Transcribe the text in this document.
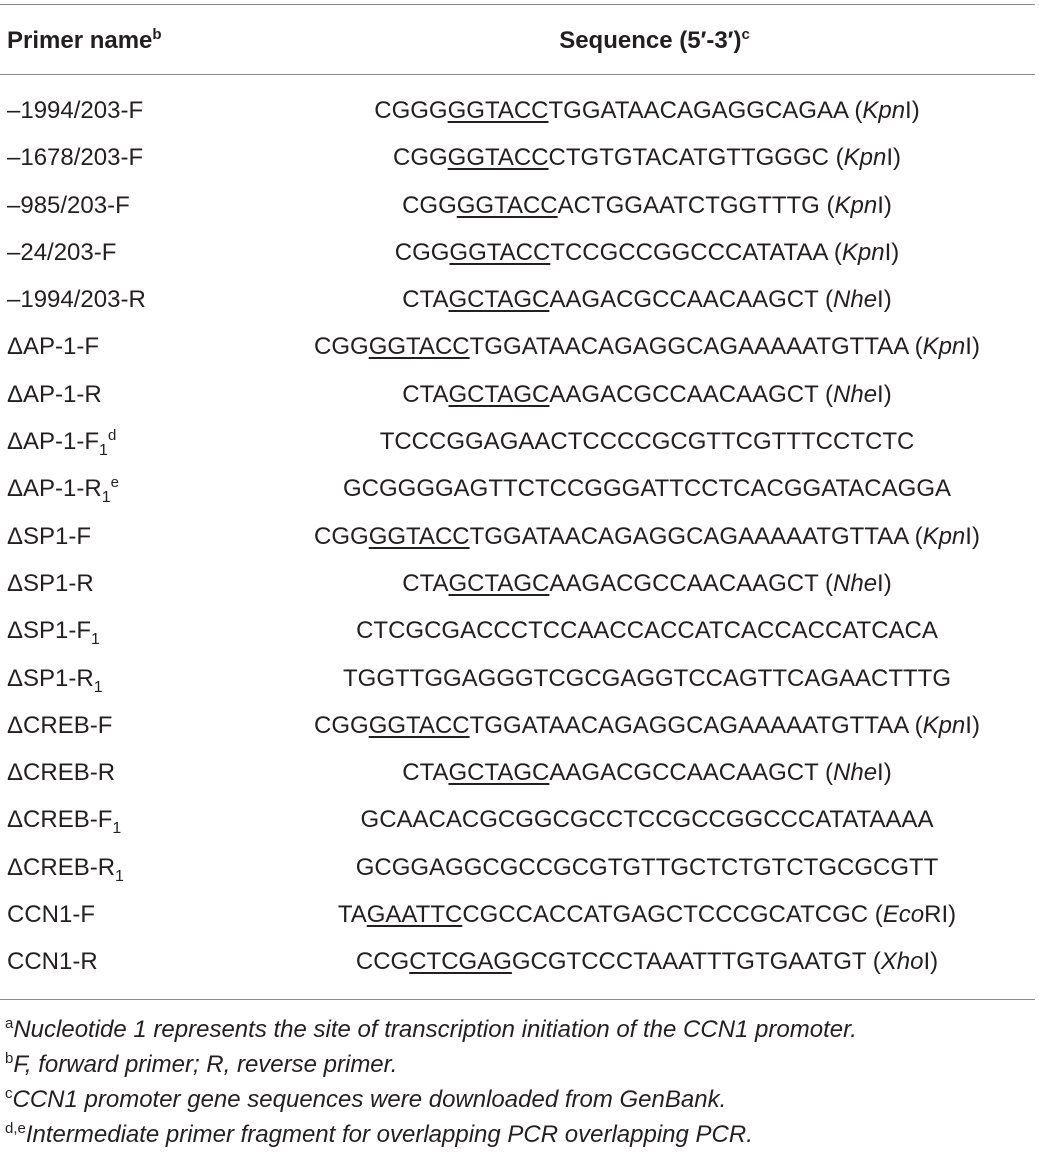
Primer name$^b$	Sequence $(5'-3')^c$
–1994/203-F	CGGGGGTACCTGGATAACAGAGGCAGAA (KpnI)
–1678/203-F	CGGGGTACCCTGTGTACATGTTGGGC (KpnI)
–985/203-F	CGGGGTACCACTGGAATCTGGTTTG (KpnI)
–24/203-F	CGGGGTACCTCCGCCGGCCCATATAA (KpnI)
–1994/203-R	CTAGCTAGCAAGACGCCAACAAGCT (NheI)
ΔAP-1-F	CGGGGTACCTGGATAACAGAGGCAGAAAAATGTTAA (KpnI)
ΔAP-1-R	CTAGCTAGCAAGACGCCAACAAGCT (NheI)
ΔAP-$1-F_1^d$	TCCCGGAGAACTCCCCGCGTTCGTTTCCTCTC
ΔAP-$1-R_1^e$	GCGGGGAGTTCTCCGGGATTCCTCACGGATACAGGA
ΔSP1-F	CGGGGTACCTGGATAACAGAGGCAGAAAAATGTTAA (KpnI)
ΔSP1-R	CTAGCTAGCAAGACGCCAACAAGCT (NheI)
$\Delta SP1-F_1$	CTCGCGACCCTCCAACCACCATCACCACCATCACA
$\Delta SP1-R_1$	TGGTTGGAGGGTCGCGAGGTCCAGTTCAGAACTTTG
ΔCREB-F	CGGGGTACCTGGATAACAGAGGCAGAAAAATGTTAA (KpnI)
ΔCREB-R	CTAGCTAGCAAGACGCCAACAAGCT (NheI)
ΔCREB-$F_1$	GCAACACGCGGCGCCTCCGCCGGCCCATATAAAA
ΔCREB-$R_1$	GCGGAGGCGCCGCGTGTTGCTCTGTCTGCGCGTT
CCN1-F	TAGAATTCCGCCACCATGAGCTCCCGCATCGC (EcoRI)
CCN1-R	CCGCTCGAGGCGTCCCTAAATTTGTGAATGT (XhoI)
$^a$Nucleotide 1 represents the site of transcription initiation of the CCN1 promoter.
$^b$F, forward primer; R, reverse primer.
$^c$CCN1 promoter gene sequences were downloaded from GenBank.
$^{d,e}$Intermediate primer fragment for overlapping PCR overlapping PCR.
